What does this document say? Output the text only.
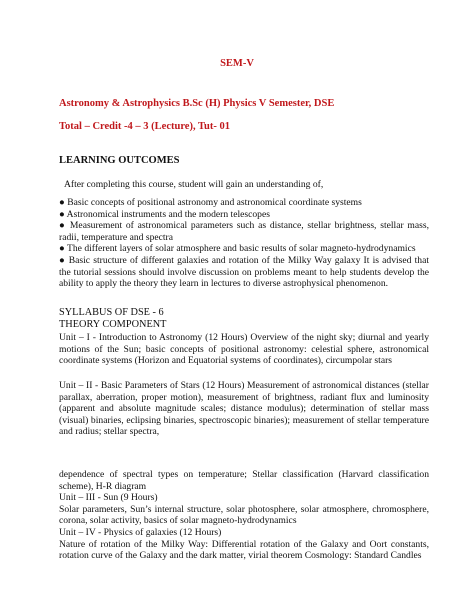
SEM-V
Astronomy & Astrophysics B.Sc (H) Physics V Semester, DSE
Total – Credit -4 – 3 (Lecture), Tut- 01
LEARNING OUTCOMES
After completing this course, student will gain an understanding of,

● Basic concepts of positional astronomy and astronomical coordinate systems

● Astronomical instruments and the modern telescopes

● Measurement of astronomical parameters such as distance, stellar brightness, stellar mass, radii, temperature and spectra

● The different layers of solar atmosphere and basic results of solar magneto-hydrodynamics

● Basic structure of different galaxies and rotation of the Milky Way galaxy It is advised that the tutorial sessions should involve discussion on problems meant to help students develop the ability to apply the theory they learn in lectures to diverse astrophysical phenomenon.

SYLLABUS OF DSE - 6
THEORY COMPONENT
Unit – I - Introduction to Astronomy (12 Hours) Overview of the night sky; diurnal and yearly motions of the Sun; basic concepts of positional astronomy: celestial sphere, astronomical coordinate systems (Horizon and Equatorial systems of coordinates), circumpolar stars
Unit – II - Basic Parameters of Stars (12 Hours) Measurement of astronomical distances (stellar parallax, aberration, proper motion), measurement of brightness, radiant flux and luminosity (apparent and absolute magnitude scales; distance modulus); determination of stellar mass (visual) binaries, eclipsing binaries, spectroscopic binaries); measurement of stellar temperature and radius; stellar spectra,

dependence of spectral types on temperature; Stellar classification (Harvard classification scheme), H-R diagram

Unit – III - Sun (9 Hours)

Solar parameters, Sun’s internal structure, solar photosphere, solar atmosphere, chromosphere, corona, solar activity, basics of solar magneto-hydrodynamics

Unit – IV - Physics of galaxies (12 Hours)

Nature of rotation of the Milky Way: Differential rotation of the Galaxy and Oort constants, rotation curve of the Galaxy and the dark matter, virial theorem Cosmology: Standard Candles
